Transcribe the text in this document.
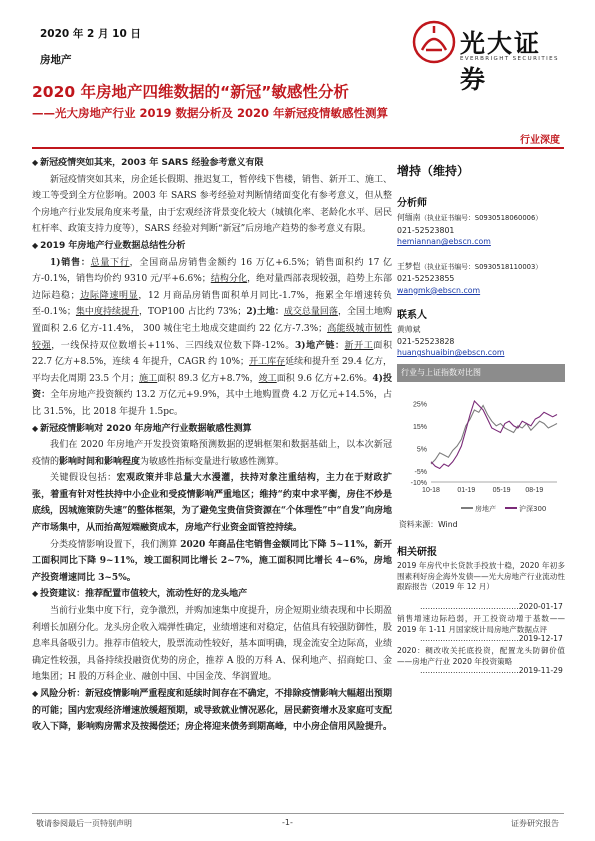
2020 年 2 月 10 日
房地产
光大证券
EVERBRIGHT SECURITIES
2020 年房地产四维数据的“新冠”敏感性分析
——光大房地产行业 2019 数据分析及 2020 年新冠疫情敏感性测算
行业深度

◆ 新冠疫情突如其来，2003 年 SARS 经验参考意义有限

新冠疫情突如其来，房企延长假期、推迟复工，暂停线下售楼，销售、新开工、施工、竣工等受到全方位影响。2003 年 SARS 参考经验对判断情绪面变化有参考意义，但从整个房地产行业发展角度来考量，由于宏观经济背景变化较大（城镇化率、老龄化水平、居民杠杆率、政策支持力度等），SARS 经验对判断“新冠”后房地产趋势的参考意义有限。

◆ 2019 年房地产行业数据总结性分析

1)销售：总量下行，全国商品房销售金额约 16 万亿+6.5%；销售面积约 17 亿方-0.1%，销售均价约 9310 元/平+6.6%；结构分化，绝对量西部表现较强，趋势上东部边际趋稳；边际降速明显，12 月商品房销售面积单月同比-1.7%，拖累全年增速转负至-0.1%；集中度持续提升，TOP100 占比约 73%；2)土地：成交总量回落，全国土地购置面积 2.6 亿方-11.4%， 300 城住宅土地成交建面约 22 亿方-7.3%；高能级城市韧性较强，一线保持双位数增长+11%、三四线双位数下降-12%。3)地产链：新开工面积 22.7 亿方+8.5%，连续 4 年提升，CAGR 约 10%；开工库存延续和提升至 29.4 亿方，平均去化周期 23.5 个月；施工面积 89.3 亿方+8.7%，竣工面积 9.6 亿方+2.6%。4)投资：全年房地产投资额约 13.2 万亿元+9.9%，其中土地购置费 4.2 万亿元+14.5%，占比 31.5%，比 2018 年提升 1.5pc。

◆ 新冠疫情影响对 2020 年房地产行业数据敏感性测算

我们在 2020 年房地产开发投资策略预测数据的逻辑框架和数据基础上，以本次新冠疫情的影响时间和影响程度为敏感性指标变量进行敏感性测算。

关键假设包括：宏观政策并非总量大水漫灌，扶持对象注重结构，主力在于财政扩张，着重有针对性扶持中小企业和受疫情影响严重地区；维持“约束中求平衡，房住不炒是底线，因城施策防失速”的整体框架，为了避免宝贵信贷资源在“个体理性”中“自发”向房地产市场集中，从而抬高短端融资成本，房地产行业资金面管控持续。

分类疫情影响设置下，我们测算 2020 年商品住宅销售金额同比下降 5~11%，新开工面积同比下降 9~11%，竣工面积同比增长 2~7%，施工面积同比增长 4~6%，房地产投资增速同比 3~5%。

◆ 投资建议：推荐配置市值较大，流动性好的龙头地产

当前行业集中度下行，竞争激烈，并购加速集中度提升，房企短期业绩表现和中长期盈利增长加剧分化。龙头房企收入端弹性确定，业绩增速和对稳定，估值具有较强防御性，股息率具备吸引力。推荐市值较大，股票流动性较好，基本面明确，现金流安全边际高，业绩确定性较强，具备持续投融资优势的房企，推荐 A 股的万科 A、保利地产、招商蛇口、金地集团；H 股的万科企业、融创中国、中国金茂、华润置地。

◆ 风险分析：新冠疫情影响严重程度和延续时间存在不确定，不排除疫情影响大幅超出预期的可能；国内宏观经济增速放缓超预期，或导致就业情况恶化，居民薪资增水及家庭可支配收入下降，影响购房需求及按揭偿还；房企将迎来债务到期高峰，中小房企信用风险提升。

增持（维持）
分析师
何缅南（执业证书编号：S0930518060006）
021-52523801
hemiannan@ebscn.com
王梦恺（执业证书编号：S0930518110003）
021-52523855
wangmk@ebscn.com
联系人
黄帅斌
021-52523828
huangshuaibin@ebscn.com
行业与上证指数对比图
25%
15%
5%
-5%
-10%
10-18 01-19 05-19 08-19
房地产	沪深300
资料来源：Wind
相关研报
2019 年房代中长贷款手投放十稳，2020 年初多围素利好房企海外发债——光大房地产行业流动性跟踪报告（2019 年 12 月）
…………………………………2020-01-17
销售增速边际趋弱，开工投资动增于基数——2019 年 1-11 月国家统计局房地产数据点评
…………………………………2019-12-17
2020：稠改收关托底投资，配置龙头防御价值——房地产行业 2020 年投资策略
…………………………………2019-11-29
敬请参阅最后一页特别声明	-1-	证券研究报告
